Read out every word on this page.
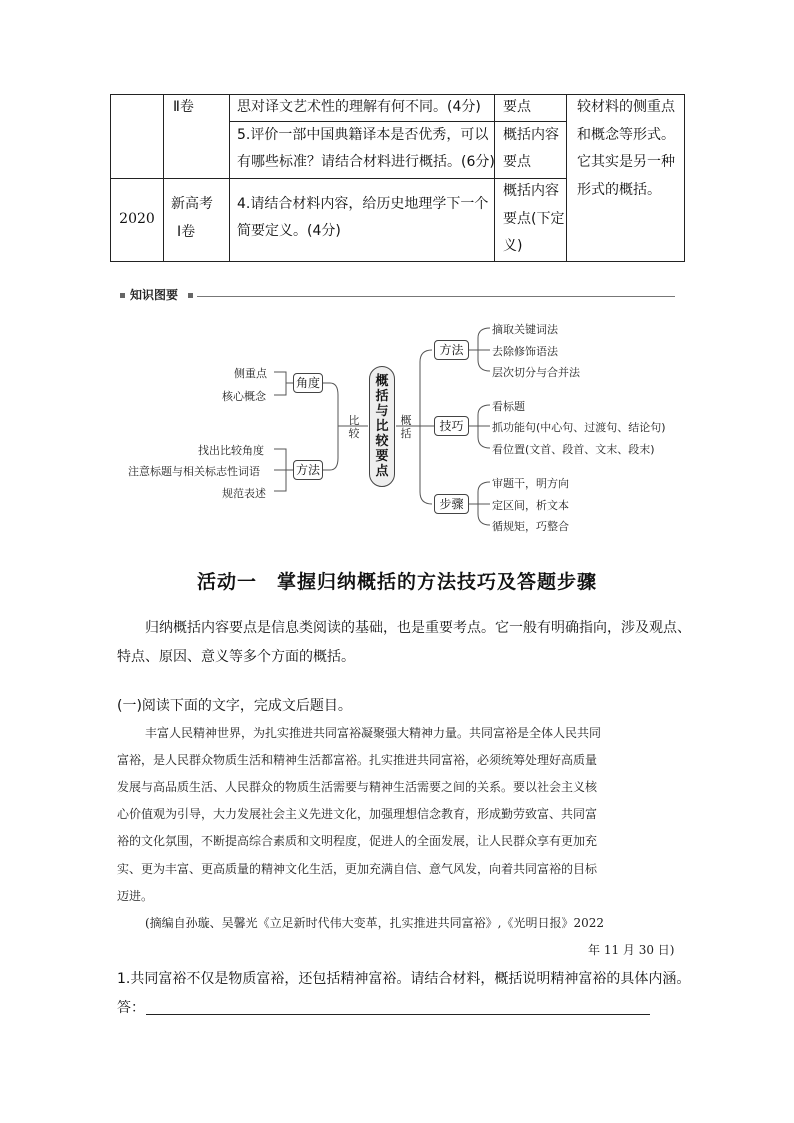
Ⅱ卷	思对译文艺术性的理解有何不同。(4分) 要点
5.评价一部中国典籍译本是否优秀，可以
有哪些标准？请结合材料进行概括。(6分)
概括内容
要点
2020
新高考
Ⅰ卷
4.请结合材料内容，给历史地理学下一个
简要定义。(4分)
概括内容
要点(下定
义)
较材料的侧重点
和概念等形式。
它其实是另一种
形式的概括。
知识图要
侧重点
核心概念
角度
找出比较角度
注意标题与相关标志性词语
规范表述
方法
比较
概括
概括与比较要点
方法
技巧
步骤
摘取关键词法
去除修饰语法
层次切分与合并法
看标题
抓功能句(中心句、过渡句、结论句)
看位置(文首、段首、文末、段末)
审题干，明方向
定区间，析文本
循规矩，巧整合
活动一　掌握归纳概括的方法技巧及答题步骤
归纳概括内容要点是信息类阅读的基础，也是重要考点。它一般有明确指向，涉及观点、
特点、原因、意义等多个方面的概括。
(一)阅读下面的文字，完成文后题目。
丰富人民精神世界，为扎实推进共同富裕凝聚强大精神力量。共同富裕是全体人民共同
富裕，是人民群众物质生活和精神生活都富裕。扎实推进共同富裕，必须统筹处理好高质量
发展与高品质生活、人民群众的物质生活需要与精神生活需要之间的关系。要以社会主义核
心价值观为引导，大力发展社会主义先进文化，加强理想信念教育，形成勤劳致富、共同富
裕的文化氛围，不断提高综合素质和文明程度，促进人的全面发展，让人民群众享有更加充
实、更为丰富、更高质量的精神文化生活，更加充满自信、意气风发，向着共同富裕的目标
迈进。
(摘编自孙璇、吴馨光《立足新时代伟大变革，扎实推进共同富裕》,《光明日报》2022
年 11 月 30 日)
1.共同富裕不仅是物质富裕，还包括精神富裕。请结合材料，概括说明精神富裕的具体内涵。
答：
